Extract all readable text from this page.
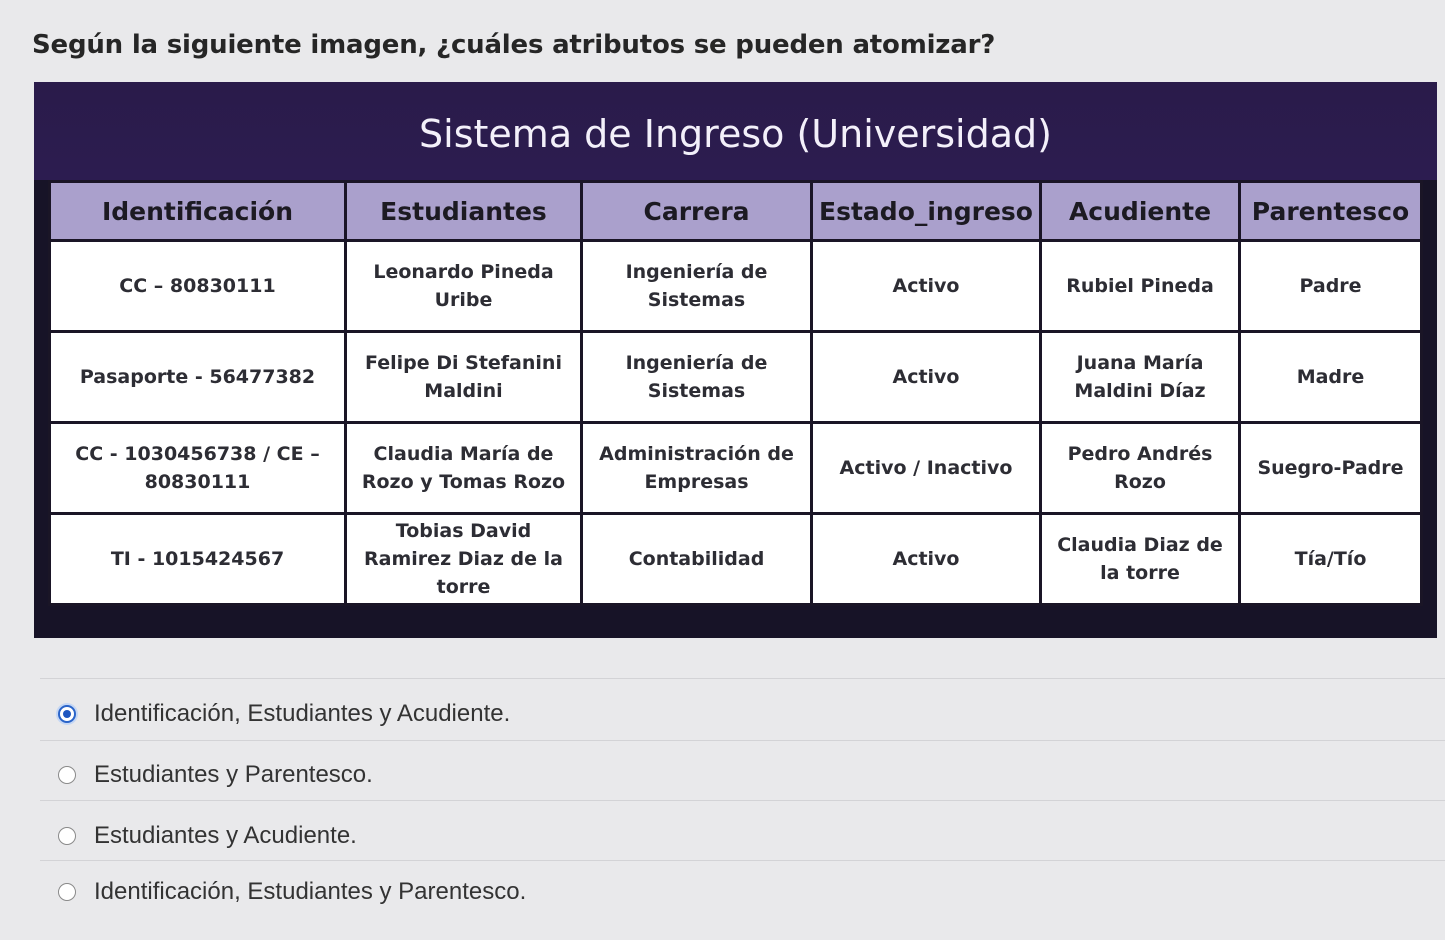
Según la siguiente imagen, ¿cuáles atributos se pueden atomizar?
Sistema de Ingreso (Universidad)
Identificación	Estudiantes	Carrera	Estado_ingreso	Acudiente	Parentesco
CC – 80830111	Leonardo Pineda Uribe	Ingeniería de Sistemas	Activo	Rubiel Pineda	Padre
Pasaporte - 56477382	Felipe Di Stefanini Maldini	Ingeniería de Sistemas	Activo	Juana María Maldini Díaz	Madre
CC - 1030456738 / CE – 80830111	Claudia María de Rozo y Tomas Rozo	Administración de Empresas	Activo / Inactivo	Pedro Andrés Rozo	Suegro-Padre
TI - 1015424567	Tobias David Ramirez Diaz de la torre	Contabilidad	Activo	Claudia Diaz de la torre	Tía/Tío
Identificación, Estudiantes y Acudiente.
Estudiantes y Parentesco.
Estudiantes y Acudiente.
Identificación, Estudiantes y Parentesco.
